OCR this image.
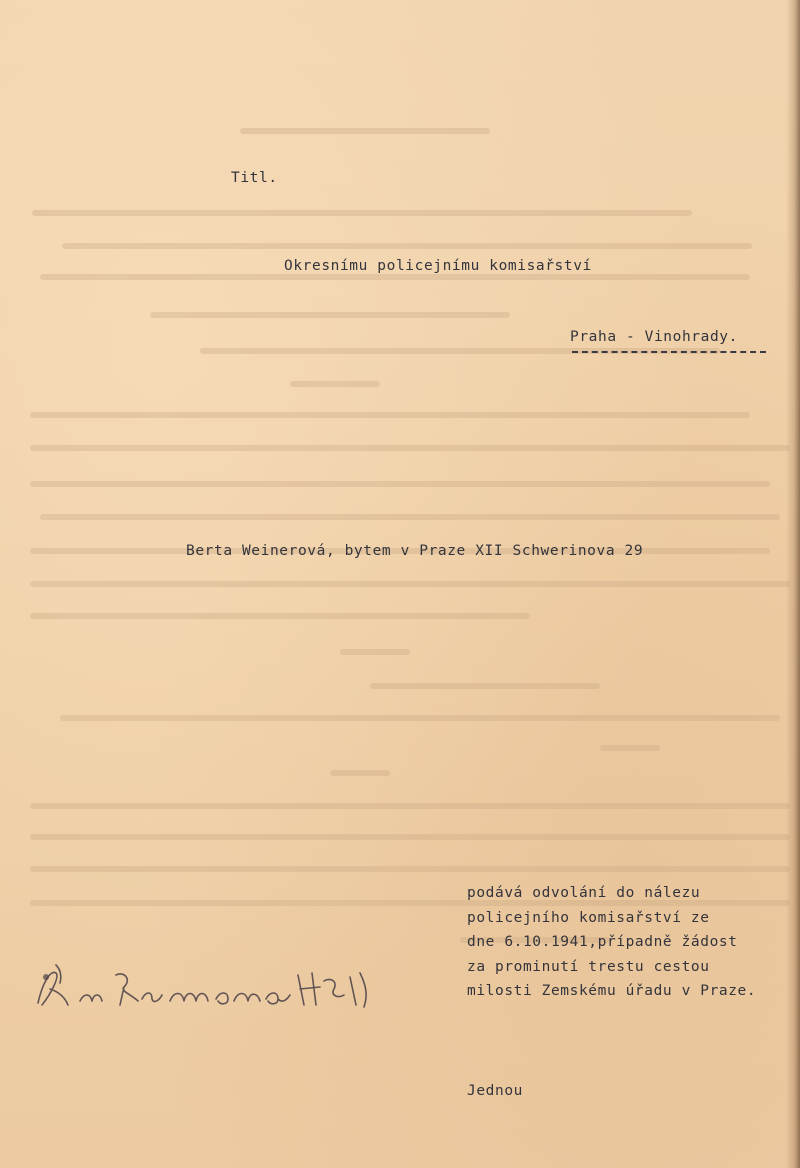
Titl.
Okresnímu policejnímu komisařství
Praha - Vinohrady.
Berta Weinerová, bytem v Praze XII Schwerinova 29
podává odvolání do nálezu
policejního komisařství ze
dne 6.10.1941,případně žádost
za prominutí trestu cestou
milosti Zemskému úřadu v Praze.
Jednou
